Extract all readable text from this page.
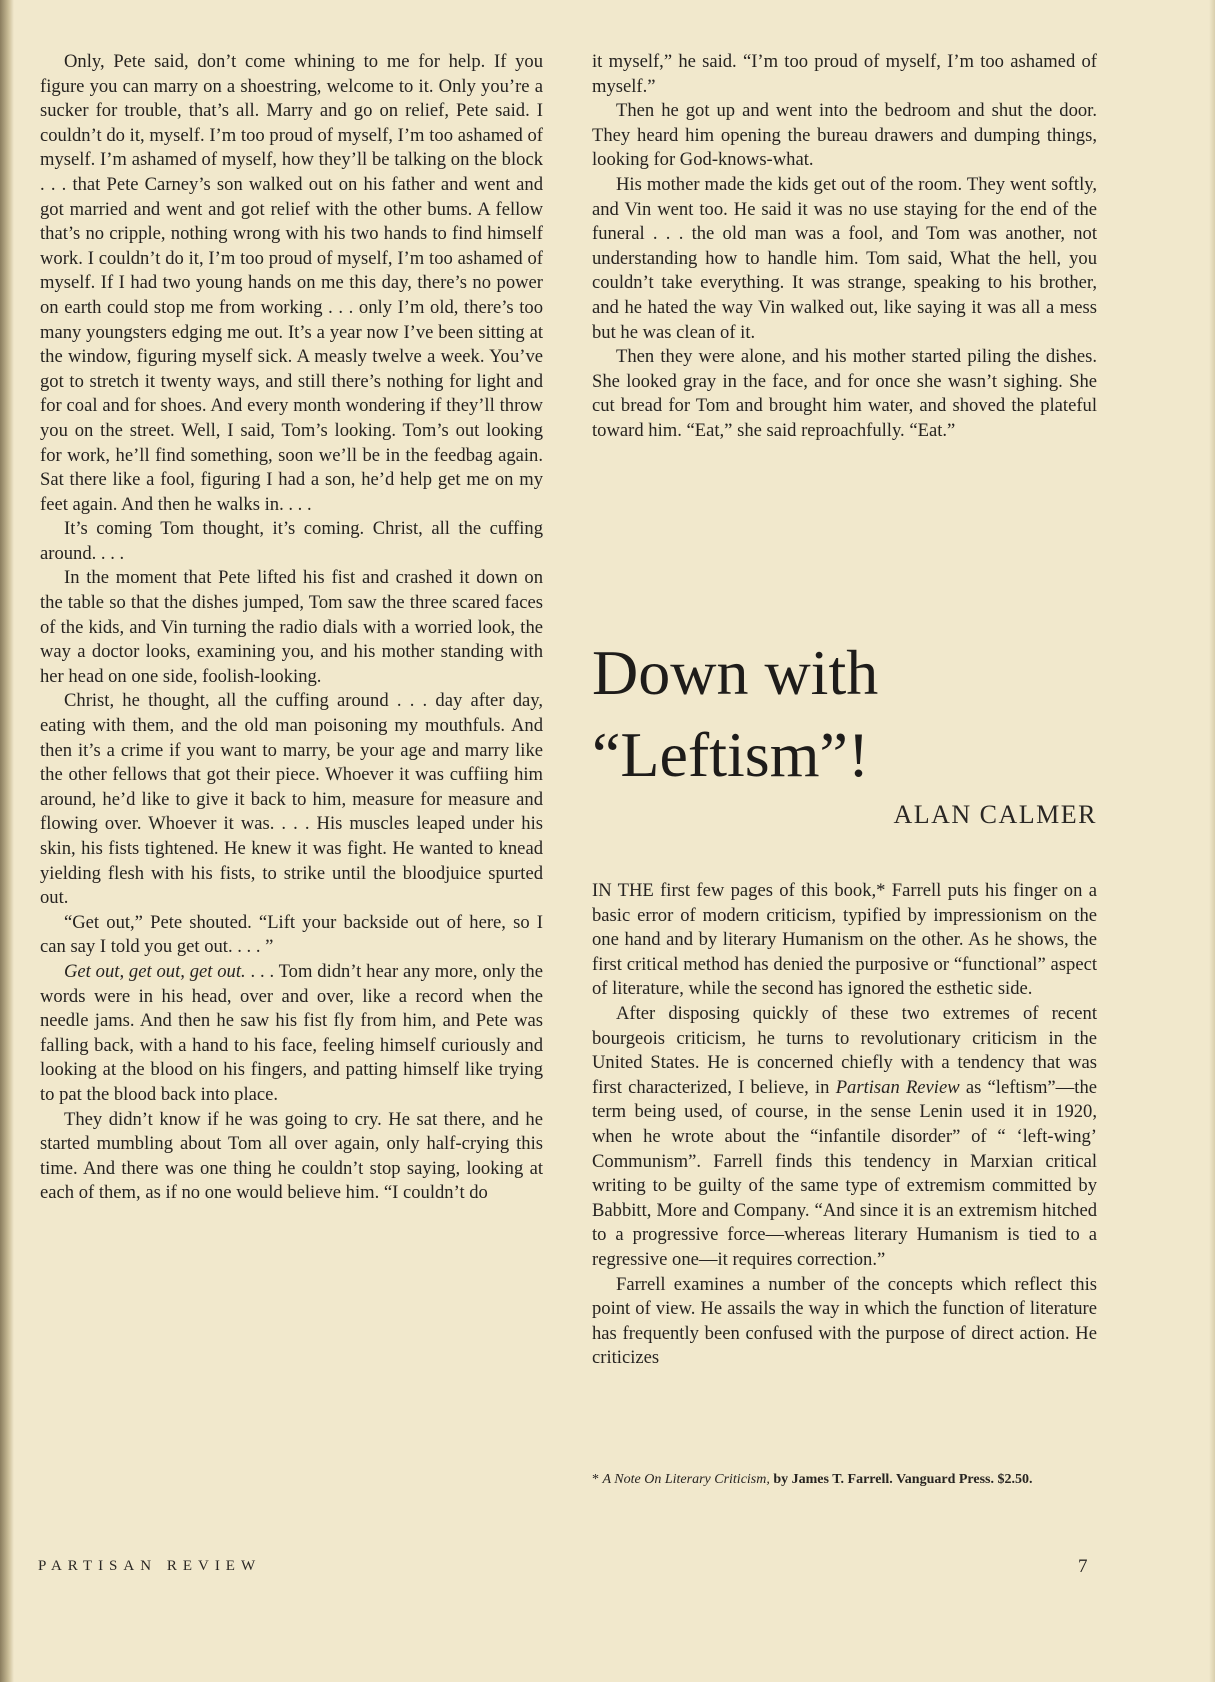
Only, Pete said, don’t come whining to me for help. If you figure you can marry on a shoestring, welcome to it. Only you’re a sucker for trouble, that’s all. Marry and go on relief, Pete said. I couldn’t do it, myself. I’m too proud of myself, I’m too ashamed of myself. I’m ashamed of myself, how they’ll be talking on the block . . . that Pete Carney’s son walked out on his father and went and got married and went and got relief with the other bums. A fellow that’s no cripple, nothing wrong with his two hands to find himself work. I couldn’t do it, I’m too proud of myself, I’m too ashamed of myself. If I had two young hands on me this day, there’s no power on earth could stop me from working . . . only I’m old, there’s too many youngsters edging me out. It’s a year now I’ve been sitting at the window, figuring myself sick. A measly twelve a week. You’ve got to stretch it twenty ways, and still there’s nothing for light and for coal and for shoes. And every month wondering if they’ll throw you on the street. Well, I said, Tom’s looking. Tom’s out looking for work, he’ll find something, soon we’ll be in the feedbag again. Sat there like a fool, figuring I had a son, he’d help get me on my feet again. And then he walks in. . . .

It’s coming Tom thought, it’s coming. Christ, all the cuffing around. . . .

In the moment that Pete lifted his fist and crashed it down on the table so that the dishes jumped, Tom saw the three scared faces of the kids, and Vin turning the radio dials with a worried look, the way a doctor looks, examining you, and his mother standing with her head on one side, foolish-looking.

Christ, he thought, all the cuffing around . . . day after day, eating with them, and the old man poisoning my mouthfuls. And then it’s a crime if you want to marry, be your age and marry like the other fellows that got their piece. Whoever it was cuffiing him around, he’d like to give it back to him, measure for measure and flowing over. Whoever it was. . . . His muscles leaped under his skin, his fists tightened. He knew it was fight. He wanted to knead yielding flesh with his fists, to strike until the bloodjuice spurted out.

“Get out,” Pete shouted. “Lift your backside out of here, so I can say I told you get out. . . . ”

Get out, get out, get out. . . . Tom didn’t hear any more, only the words were in his head, over and over, like a record when the needle jams. And then he saw his fist fly from him, and Pete was falling back, with a hand to his face, feeling himself curiously and looking at the blood on his fingers, and patting himself like trying to pat the blood back into place.

They didn’t know if he was going to cry. He sat there, and he started mumbling about Tom all over again, only half-crying this time. And there was one thing he couldn’t stop saying, looking at each of them, as if no one would believe him. “I couldn’t do

it myself,” he said. “I’m too proud of myself, I’m too ashamed of myself.”

Then he got up and went into the bedroom and shut the door. They heard him opening the bureau drawers and dumping things, looking for God-knows-what.

His mother made the kids get out of the room. They went softly, and Vin went too. He said it was no use staying for the end of the funeral . . . the old man was a fool, and Tom was another, not understanding how to handle him. Tom said, What the hell, you couldn’t take everything. It was strange, speaking to his brother, and he hated the way Vin walked out, like saying it was all a mess but he was clean of it.

Then they were alone, and his mother started piling the dishes. She looked gray in the face, and for once she wasn’t sighing. She cut bread for Tom and brought him water, and shoved the plateful toward him. “Eat,” she said reproachfully. “Eat.”

Down with
“Leftism”!
ALAN CALMER

IN THE first few pages of this book,* Farrell puts his finger on a basic error of modern criticism, typified by impressionism on the one hand and by literary Humanism on the other. As he shows, the first critical method has denied the purposive or “functional” aspect of literature, while the second has ignored the esthetic side.

After disposing quickly of these two extremes of recent bourgeois criticism, he turns to revolutionary criticism in the United States. He is concerned chiefly with a tendency that was first characterized, I believe, in Partisan Review as “leftism”—the term being used, of course, in the sense Lenin used it in 1920, when he wrote about the “infantile disorder” of “ ‘left-wing’ Communism”. Farrell finds this tendency in Marxian critical writing to be guilty of the same type of extremism committed by Babbitt, More and Company. “And since it is an extremism hitched to a progressive force—whereas literary Humanism is tied to a regressive one—it requires correction.”

Farrell examines a number of the concepts which reflect this point of view. He assails the way in which the function of literature has frequently been confused with the purpose of direct action. He criticizes

* A Note On Literary Criticism, by James T. Farrell. Vanguard Press. $2.50.
PARTISAN REVIEW	7
